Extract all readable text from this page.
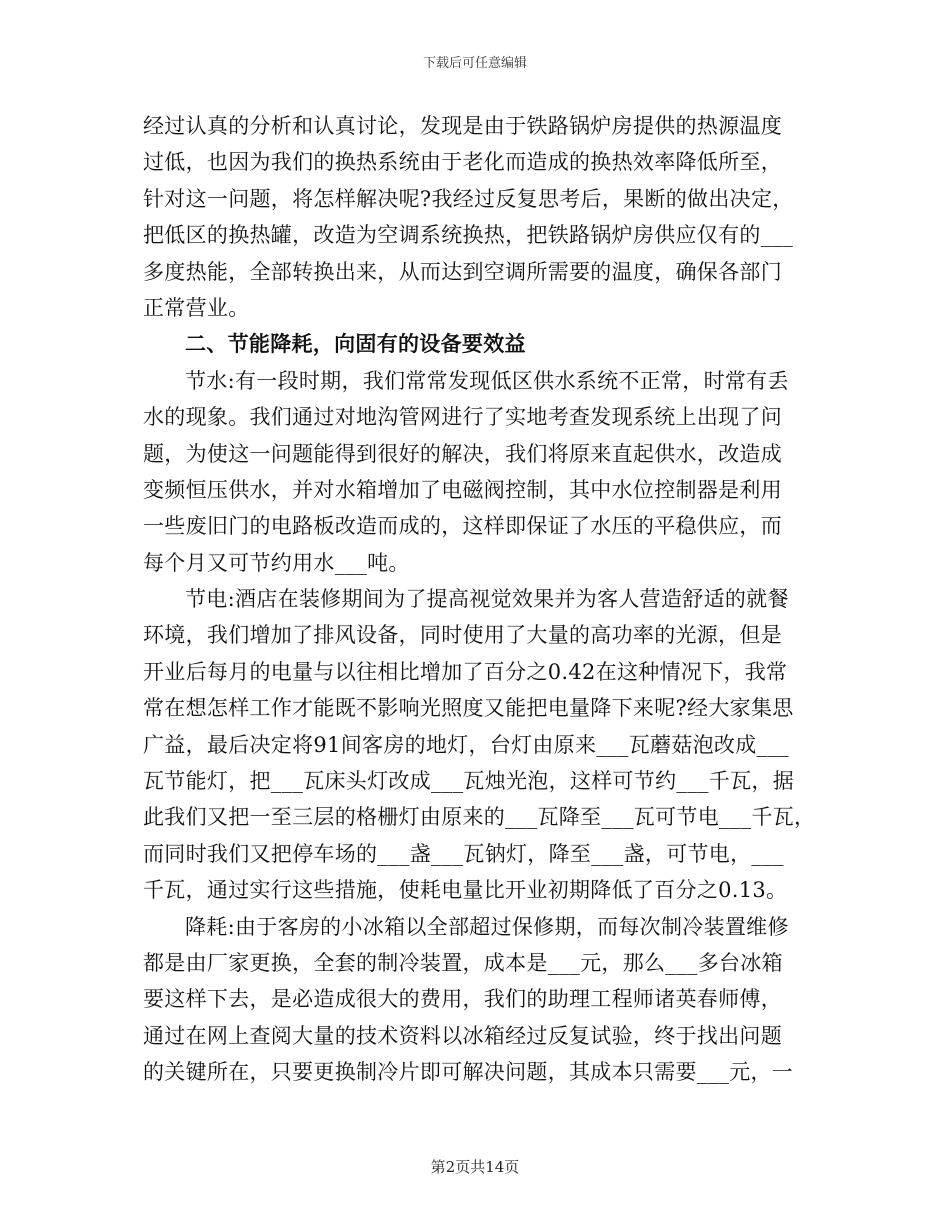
下载后可任意编辑
经过认真的分析和认真讨论，发现是由于铁路锅炉房提供的热源温度
过低，也因为我们的换热系统由于老化而造成的换热效率降低所至，
针对这一问题，将怎样解决呢?我经过反复思考后，果断的做出决定，
把低区的换热罐，改造为空调系统换热，把铁路锅炉房供应仅有的___
多度热能，全部转换出来，从而达到空调所需要的温度，确保各部门
正常营业。
二、节能降耗，向固有的设备要效益
节水:有一段时期，我们常常发现低区供水系统不正常，时常有丢
水的现象。我们通过对地沟管网进行了实地考查发现系统上出现了问
题，为使这一问题能得到很好的解决，我们将原来直起供水，改造成
变频恒压供水，并对水箱增加了电磁阀控制，其中水位控制器是利用
一些废旧门的电路板改造而成的，这样即保证了水压的平稳供应，而
每个月又可节约用水___吨。
节电:酒店在装修期间为了提高视觉效果并为客人营造舒适的就餐
环境，我们增加了排风设备，同时使用了大量的高功率的光源，但是
开业后每月的电量与以往相比增加了百分之0.42在这种情况下，我常
常在想怎样工作才能既不影响光照度又能把电量降下来呢?经大家集思
广益，最后决定将91间客房的地灯，台灯由原来___瓦蘑菇泡改成___
瓦节能灯，把___瓦床头灯改成___瓦烛光泡，这样可节约___千瓦，据
此我们又把一至三层的格栅灯由原来的___瓦降至___瓦可节电___千瓦，
而同时我们又把停车场的___盏___瓦钠灯，降至___盏，可节电，___
千瓦，通过实行这些措施，使耗电量比开业初期降低了百分之0.13。
降耗:由于客房的小冰箱以全部超过保修期，而每次制冷装置维修
都是由厂家更换，全套的制冷装置，成本是___元，那么___多台冰箱
要这样下去，是必造成很大的费用，我们的助理工程师诸英春师傅，
通过在网上查阅大量的技术资料以冰箱经过反复试验，终于找出问题
的关键所在，只要更换制冷片即可解决问题，其成本只需要___元，一
第2页共14页
